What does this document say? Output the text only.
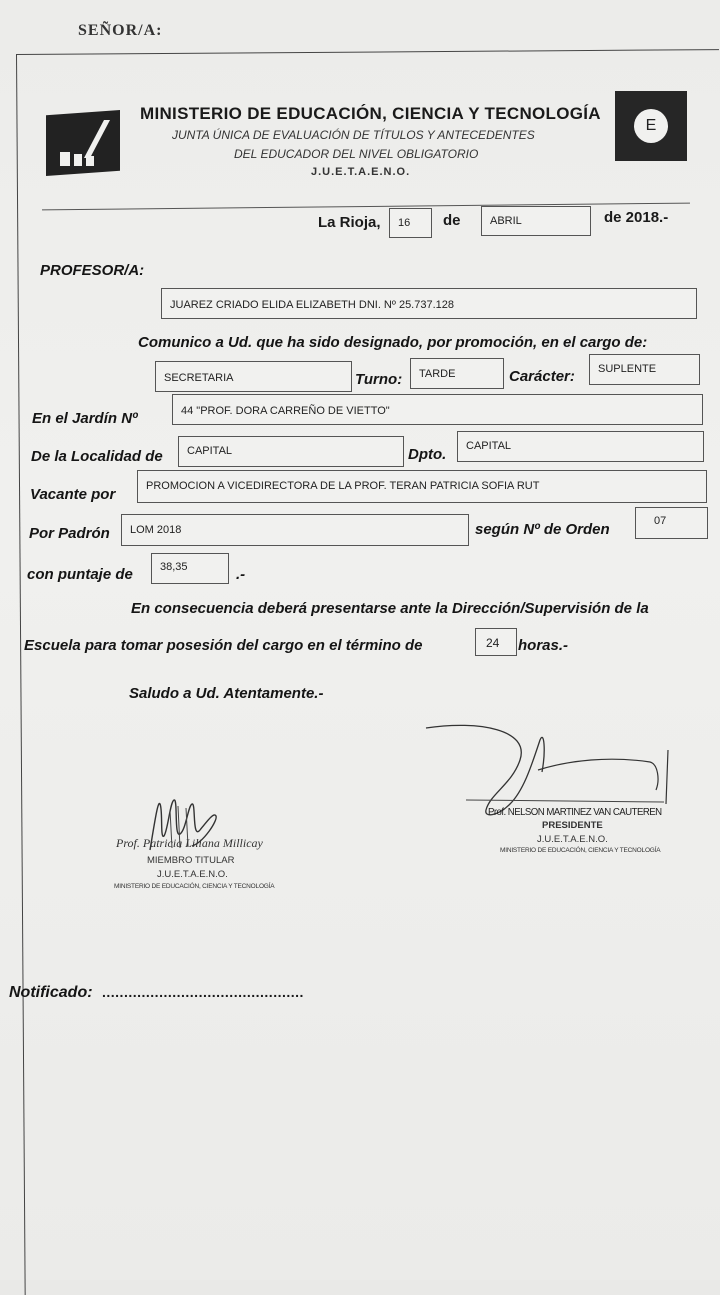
SEÑOR/A:
MINISTERIO DE EDUCACIÓN, CIENCIA Y TECNOLOGÍA
JUNTA ÚNICA DE EVALUACIÓN DE TÍTULOS Y ANTECEDENTES
DEL EDUCADOR DEL NIVEL OBLIGATORIO
J.U.E.T.A.E.N.O.
E
La Rioja,	16	de	ABRIL	de 2018.-
PROFESOR/A:
JUAREZ CRIADO ELIDA ELIZABETH DNI. Nº 25.737.128
Comunico a Ud. que ha sido designado, por promoción, en el cargo de:
SECRETARIA	Turno:	TARDE	Carácter:	SUPLENTE
En el Jardín Nº	44 "PROF. DORA CARREÑO DE VIETTO"
De la Localidad de	CAPITAL	Dpto.	CAPITAL
Vacante por	PROMOCION A VICEDIRECTORA DE LA PROF. TERAN PATRICIA SOFIA RUT
Por Padrón	LOM 2018	según Nº de Orden	07
con puntaje de	38,35	.-
En consecuencia deberá presentarse ante la Dirección/Supervisión de la
Escuela para tomar posesión del cargo en el término de	24	horas.-
Saludo a Ud. Atentamente.-
Prof. Patricia Liliana Millicay
MIEMBRO TITULAR
J.U.E.T.A.E.N.O.
MINISTERIO DE EDUCACIÓN, CIENCIA Y TECNOLOGÍA
Prof. NELSON MARTINEZ VAN CAUTEREN
PRESIDENTE
J.U.E.T.A.E.N.O.
MINISTERIO DE EDUCACIÓN, CIENCIA Y TECNOLOGÍA
Notificado: ..............................................
